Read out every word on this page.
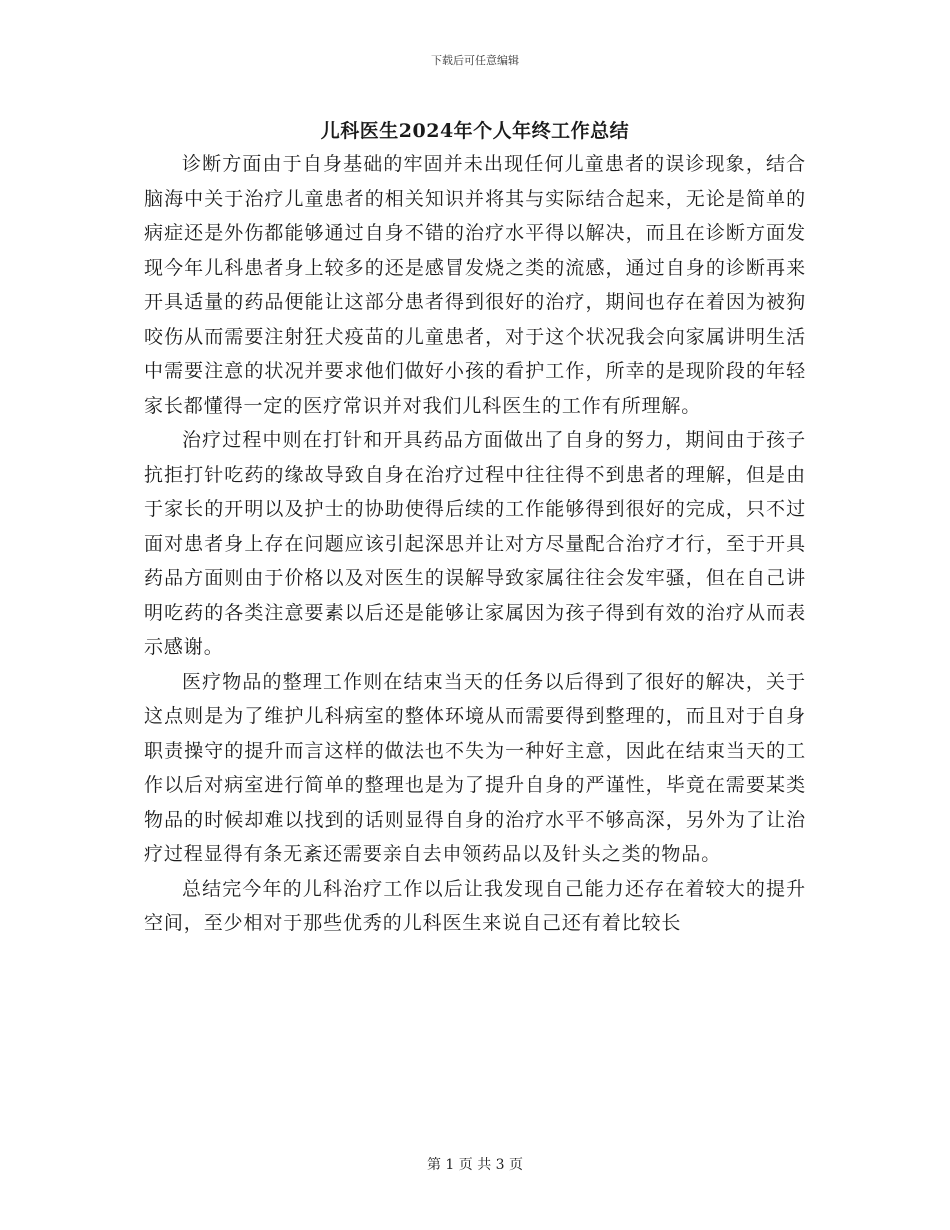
下载后可任意编辑
儿科医生2024年个人年终工作总结

诊断方面由于自身基础的牢固并未出现任何儿童患者的误诊现象，结合脑海中关于治疗儿童患者的相关知识并将其与实际结合起来，无论是简单的病症还是外伤都能够通过自身不错的治疗水平得以解决，而且在诊断方面发现今年儿科患者身上较多的还是感冒发烧之类的流感，通过自身的诊断再来开具适量的药品便能让这部分患者得到很好的治疗，期间也存在着因为被狗咬伤从而需要注射狂犬疫苗的儿童患者，对于这个状况我会向家属讲明生活中需要注意的状况并要求他们做好小孩的看护工作，所幸的是现阶段的年轻家长都懂得一定的医疗常识并对我们儿科医生的工作有所理解。

治疗过程中则在打针和开具药品方面做出了自身的努力，期间由于孩子抗拒打针吃药的缘故导致自身在治疗过程中往往得不到患者的理解，但是由于家长的开明以及护士的协助使得后续的工作能够得到很好的完成，只不过面对患者身上存在问题应该引起深思并让对方尽量配合治疗才行，至于开具药品方面则由于价格以及对医生的误解导致家属往往会发牢骚，但在自己讲明吃药的各类注意要素以后还是能够让家属因为孩子得到有效的治疗从而表示感谢。

医疗物品的整理工作则在结束当天的任务以后得到了很好的解决，关于这点则是为了维护儿科病室的整体环境从而需要得到整理的，而且对于自身职责操守的提升而言这样的做法也不失为一种好主意，因此在结束当天的工作以后对病室进行简单的整理也是为了提升自身的严谨性，毕竟在需要某类物品的时候却难以找到的话则显得自身的治疗水平不够高深，另外为了让治疗过程显得有条无紊还需要亲自去申领药品以及针头之类的物品。

总结完今年的儿科治疗工作以后让我发现自己能力还存在着较大的提升空间，至少相对于那些优秀的儿科医生来说自己还有着比较长

第 1 页 共 3 页
